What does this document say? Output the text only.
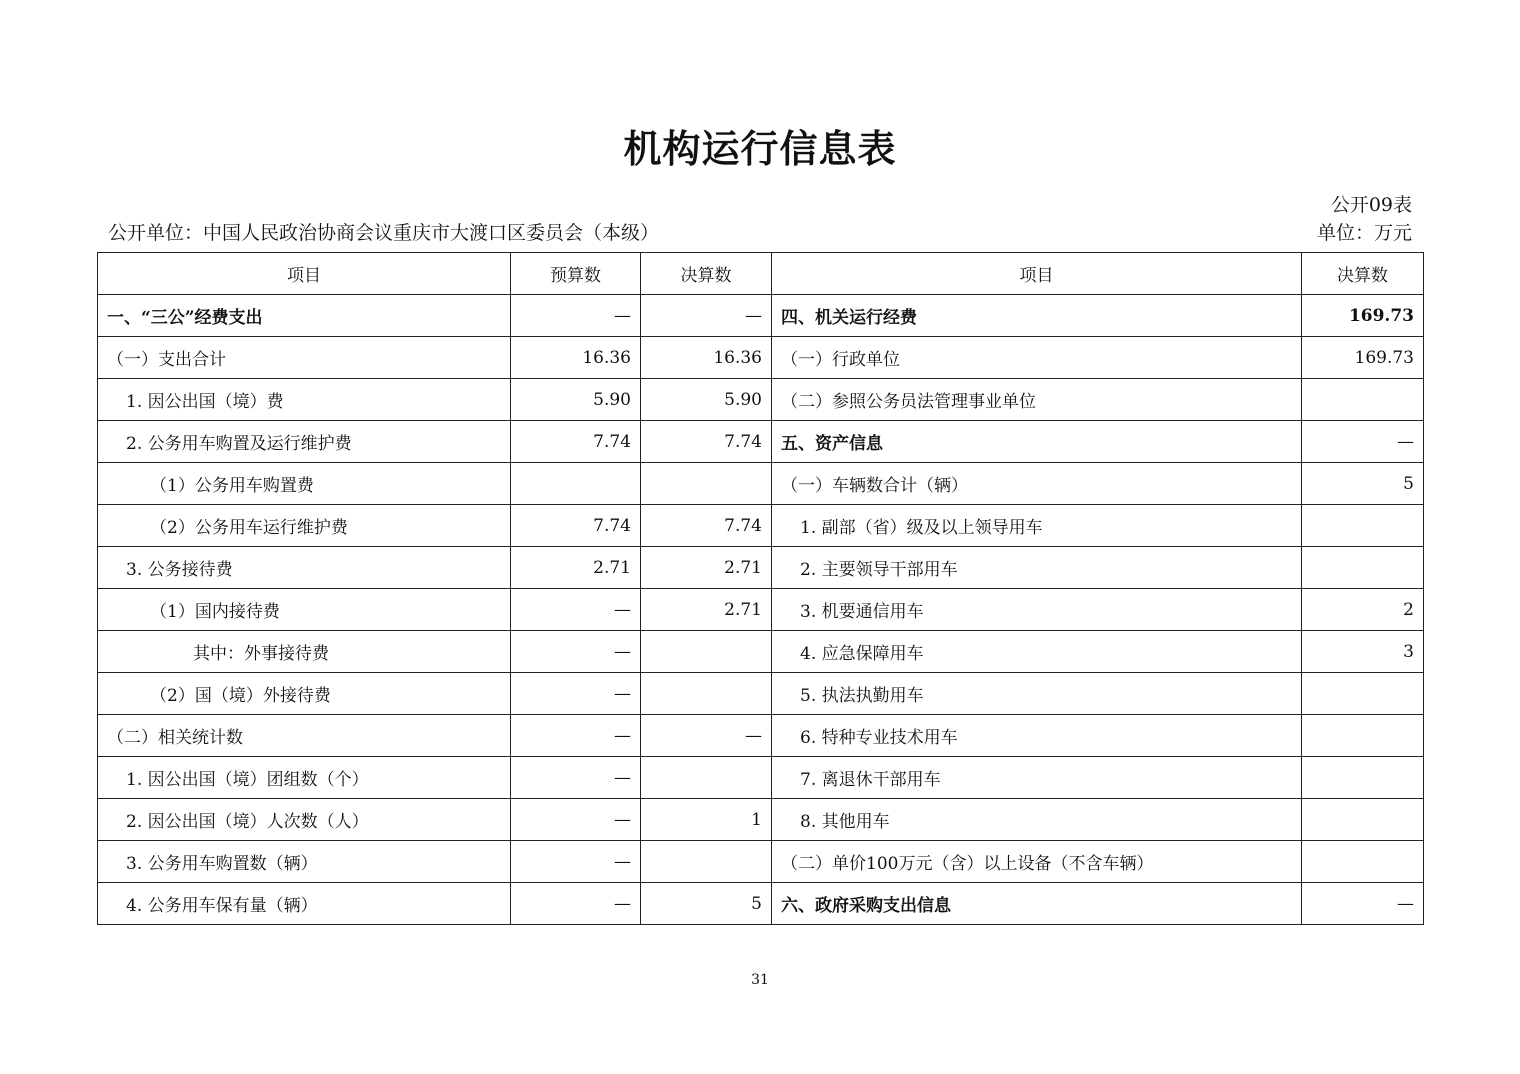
机构运行信息表
公开09表
公开单位：中国人民政治协商会议重庆市大渡口区委员会（本级）	单位：万元
项目	预算数	决算数	项目	决算数
一、“三公”经费支出	—	—	四、机关运行经费	169.73
（一）支出合计	16.36	16.36	（一）行政单位	169.73
1. 因公出国（境）费	5.90	5.90	（二）参照公务员法管理事业单位	
2. 公务用车购置及运行维护费	7.74	7.74	五、资产信息	—
（1）公务用车购置费			（一）车辆数合计（辆）	5
（2）公务用车运行维护费	7.74	7.74	1. 副部（省）级及以上领导用车	
3. 公务接待费	2.71	2.71	2. 主要领导干部用车	
（1）国内接待费	—	2.71	3. 机要通信用车	2
其中：外事接待费	—		4. 应急保障用车	3
（2）国（境）外接待费	—		5. 执法执勤用车	
（二）相关统计数	—	—	6. 特种专业技术用车	
1. 因公出国（境）团组数（个）	—		7. 离退休干部用车	
2. 因公出国（境）人次数（人）	—	1	8. 其他用车	
3. 公务用车购置数（辆）	—		（二）单价100万元（含）以上设备（不含车辆）	
4. 公务用车保有量（辆）	—	5	六、政府采购支出信息	—
31
